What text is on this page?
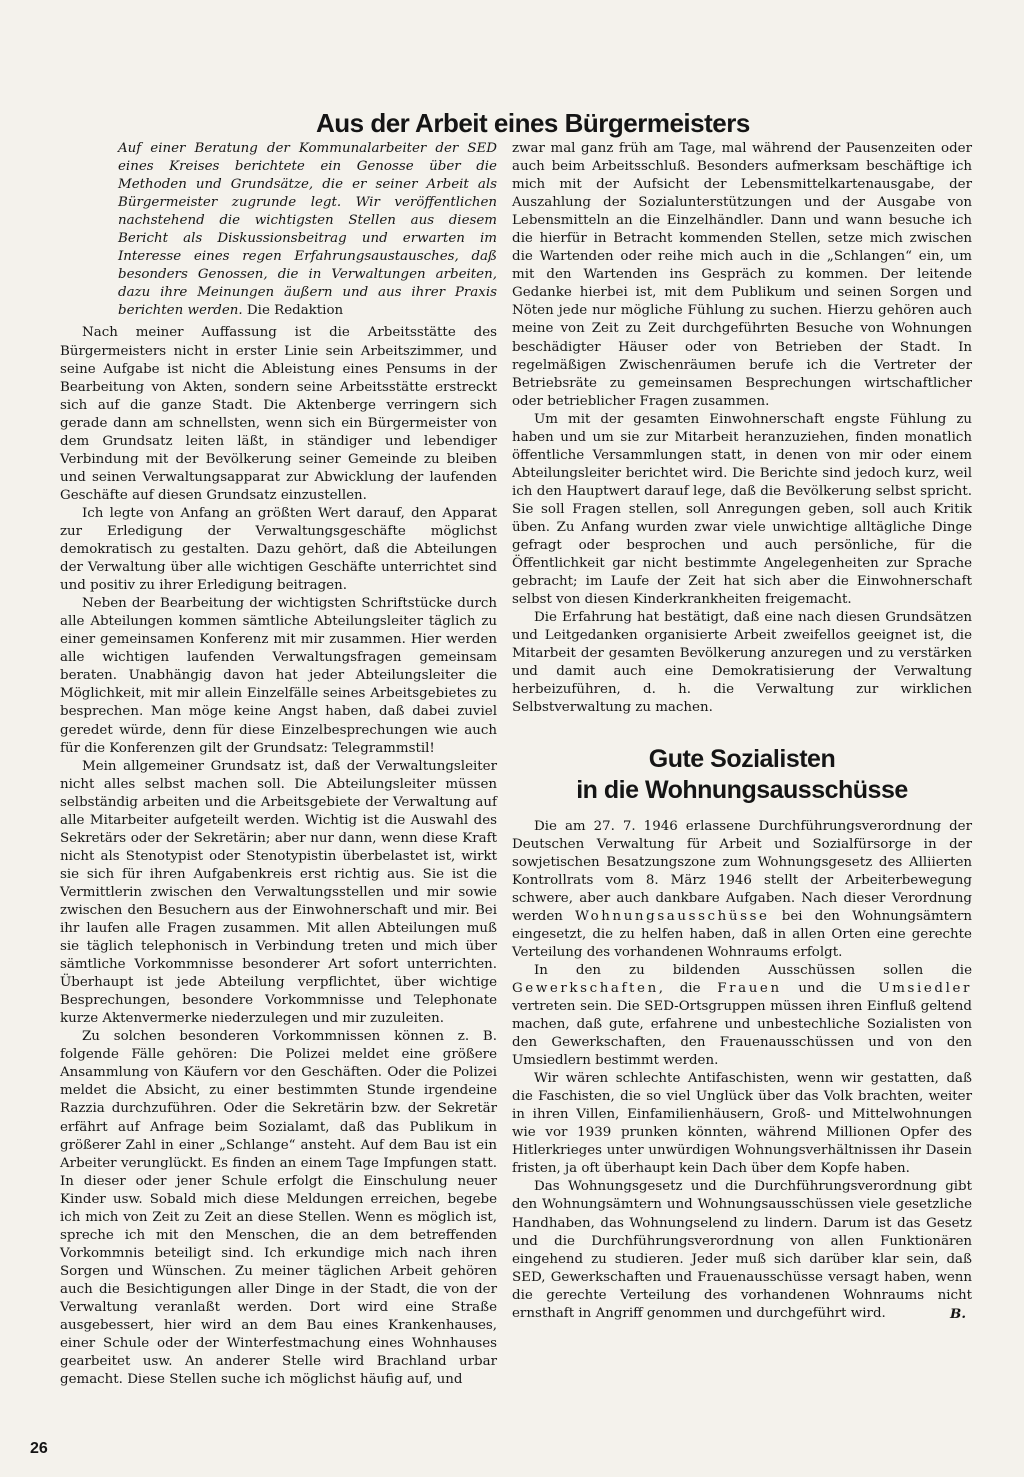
Aus der Arbeit eines Bürgermeisters

Auf einer Beratung der Kommunalarbeiter der SED eines Kreises berichtete ein Genosse über die Methoden und Grundsätze, die er seiner Arbeit als Bürgermeister zugrunde legt. Wir veröffentlichen nachstehend die wichtigsten Stellen aus diesem Bericht als Diskussionsbeitrag und erwarten im Interesse eines regen Erfahrungsaustausches, daß besonders Genossen, die in Verwaltungen arbeiten, dazu ihre Meinungen äußern und aus ihrer Praxis berichten werden. Die Redaktion

Nach meiner Auffassung ist die Arbeitsstätte des Bürgermeisters nicht in erster Linie sein Arbeitszimmer, und seine Aufgabe ist nicht die Ableistung eines Pensums in der Bearbeitung von Akten, sondern seine Arbeitsstätte erstreckt sich auf die ganze Stadt. Die Aktenberge verringern sich gerade dann am schnellsten, wenn sich ein Bürgermeister von dem Grundsatz leiten läßt, in ständiger und lebendiger Verbindung mit der Bevölkerung seiner Gemeinde zu bleiben und seinen Verwaltungsapparat zur Abwicklung der laufenden Geschäfte auf diesen Grundsatz einzustellen.

Ich legte von Anfang an größten Wert darauf, den Apparat zur Erledigung der Verwaltungsgeschäfte möglichst demokratisch zu gestalten. Dazu gehört, daß die Abteilungen der Verwaltung über alle wichtigen Geschäfte unterrichtet sind und positiv zu ihrer Erledigung beitragen.

Neben der Bearbeitung der wichtigsten Schriftstücke durch alle Abteilungen kommen sämtliche Abteilungsleiter täglich zu einer gemeinsamen Konferenz mit mir zusammen. Hier werden alle wichtigen laufenden Verwaltungsfragen gemeinsam beraten. Unabhängig davon hat jeder Abteilungsleiter die Möglichkeit, mit mir allein Einzelfälle seines Arbeitsgebietes zu besprechen. Man möge keine Angst haben, daß dabei zuviel geredet würde, denn für diese Einzelbesprechungen wie auch für die Konferenzen gilt der Grundsatz: Telegrammstil!

Mein allgemeiner Grundsatz ist, daß der Verwaltungsleiter nicht alles selbst machen soll. Die Abteilungsleiter müssen selbständig arbeiten und die Arbeitsgebiete der Verwaltung auf alle Mitarbeiter aufgeteilt werden. Wichtig ist die Auswahl des Sekretärs oder der Sekretärin; aber nur dann, wenn diese Kraft nicht als Stenotypist oder Stenotypistin überbelastet ist, wirkt sie sich für ihren Aufgabenkreis erst richtig aus. Sie ist die Vermittlerin zwischen den Verwaltungsstellen und mir sowie zwischen den Besuchern aus der Einwohnerschaft und mir. Bei ihr laufen alle Fragen zusammen. Mit allen Abteilungen muß sie täglich telephonisch in Verbindung treten und mich über sämtliche Vorkommnisse besonderer Art sofort unterrichten. Überhaupt ist jede Abteilung verpflichtet, über wichtige Besprechungen, besondere Vorkommnisse und Telephonate kurze Aktenvermerke niederzulegen und mir zuzuleiten.

Zu solchen besonderen Vorkommnissen können z. B. folgende Fälle gehören: Die Polizei meldet eine größere Ansammlung von Käufern vor den Geschäften. Oder die Polizei meldet die Absicht, zu einer bestimmten Stunde irgendeine Razzia durchzuführen. Oder die Sekretärin bzw. der Sekretär erfährt auf Anfrage beim Sozialamt, daß das Publikum in größerer Zahl in einer „Schlange“ ansteht. Auf dem Bau ist ein Arbeiter verunglückt. Es finden an einem Tage Impfungen statt. In dieser oder jener Schule erfolgt die Einschulung neuer Kinder usw. Sobald mich diese Meldungen erreichen, begebe ich mich von Zeit zu Zeit an diese Stellen. Wenn es möglich ist, spreche ich mit den Menschen, die an dem betreffenden Vorkommnis beteiligt sind. Ich erkundige mich nach ihren Sorgen und Wünschen. Zu meiner täglichen Arbeit gehören auch die Besichtigungen aller Dinge in der Stadt, die von der Verwaltung veranlaßt werden. Dort wird eine Straße ausgebessert, hier wird an dem Bau eines Krankenhauses, einer Schule oder der Winterfestmachung eines Wohnhauses gearbeitet usw. An anderer Stelle wird Brachland urbar gemacht. Diese Stellen suche ich möglichst häufig auf, und

zwar mal ganz früh am Tage, mal während der Pausenzeiten oder auch beim Arbeitsschluß. Besonders aufmerksam beschäftige ich mich mit der Aufsicht der Lebensmittelkartenausgabe, der Auszahlung der Sozialunterstützungen und der Ausgabe von Lebensmitteln an die Einzelhändler. Dann und wann besuche ich die hierfür in Betracht kommenden Stellen, setze mich zwischen die Wartenden oder reihe mich auch in die „Schlangen“ ein, um mit den Wartenden ins Gespräch zu kommen. Der leitende Gedanke hierbei ist, mit dem Publikum und seinen Sorgen und Nöten jede nur mögliche Fühlung zu suchen. Hierzu gehören auch meine von Zeit zu Zeit durchgeführten Besuche von Wohnungen beschädigter Häuser oder von Betrieben der Stadt. In regelmäßigen Zwischenräumen berufe ich die Vertreter der Betriebsräte zu gemeinsamen Besprechungen wirtschaftlicher oder betrieblicher Fragen zusammen.

Um mit der gesamten Einwohnerschaft engste Fühlung zu haben und um sie zur Mitarbeit heranzuziehen, finden monatlich öffentliche Versammlungen statt, in denen von mir oder einem Abteilungsleiter berichtet wird. Die Berichte sind jedoch kurz, weil ich den Hauptwert darauf lege, daß die Bevölkerung selbst spricht. Sie soll Fragen stellen, soll Anregungen geben, soll auch Kritik üben. Zu Anfang wurden zwar viele unwichtige alltägliche Dinge gefragt oder besprochen und auch persönliche, für die Öffentlichkeit gar nicht bestimmte Angelegenheiten zur Sprache gebracht; im Laufe der Zeit hat sich aber die Einwohnerschaft selbst von diesen Kinderkrankheiten freigemacht.

Die Erfahrung hat bestätigt, daß eine nach diesen Grundsätzen und Leitgedanken organisierte Arbeit zweifellos geeignet ist, die Mitarbeit der gesamten Bevölkerung anzuregen und zu verstärken und damit auch eine Demokratisierung der Verwaltung herbeizuführen, d. h. die Verwaltung zur wirklichen Selbstverwaltung zu machen.

Gute Sozialisten
in die Wohnungsausschüsse

Die am 27. 7. 1946 erlassene Durchführungsverordnung der Deutschen Verwaltung für Arbeit und Sozialfürsorge in der sowjetischen Besatzungszone zum Wohnungsgesetz des Alliierten Kontrollrats vom 8. März 1946 stellt der Arbeiterbewegung schwere, aber auch dankbare Aufgaben. Nach dieser Verordnung werden Wohnungsausschüsse bei den Wohnungsämtern eingesetzt, die zu helfen haben, daß in allen Orten eine gerechte Verteilung des vorhandenen Wohnraums erfolgt.

In den zu bildenden Ausschüssen sollen die Gewerkschaften, die Frauen und die Umsiedler vertreten sein. Die SED-Ortsgruppen müssen ihren Einfluß geltend machen, daß gute, erfahrene und unbestechliche Sozialisten von den Gewerkschaften, den Frauenausschüssen und von den Umsiedlern bestimmt werden.

Wir wären schlechte Antifaschisten, wenn wir gestatten, daß die Faschisten, die so viel Unglück über das Volk brachten, weiter in ihren Villen, Einfamilienhäusern, Groß- und Mittelwohnungen wie vor 1939 prunken könnten, während Millionen Opfer des Hitlerkrieges unter unwürdigen Wohnungsverhältnissen ihr Dasein fristen, ja oft überhaupt kein Dach über dem Kopfe haben.

Das Wohnungsgesetz und die Durchführungsverordnung gibt den Wohnungsämtern und Wohnungsausschüssen viele gesetzliche Handhaben, das Wohnungselend zu lindern. Darum ist das Gesetz und die Durchführungsverordnung von allen Funktionären eingehend zu studieren. Jeder muß sich darüber klar sein, daß SED, Gewerkschaften und Frauenausschüsse versagt haben, wenn die gerechte Verteilung des vorhandenen Wohnraums nicht ernsthaft in Angriff genommen und durchgeführt wird.	B.

26
